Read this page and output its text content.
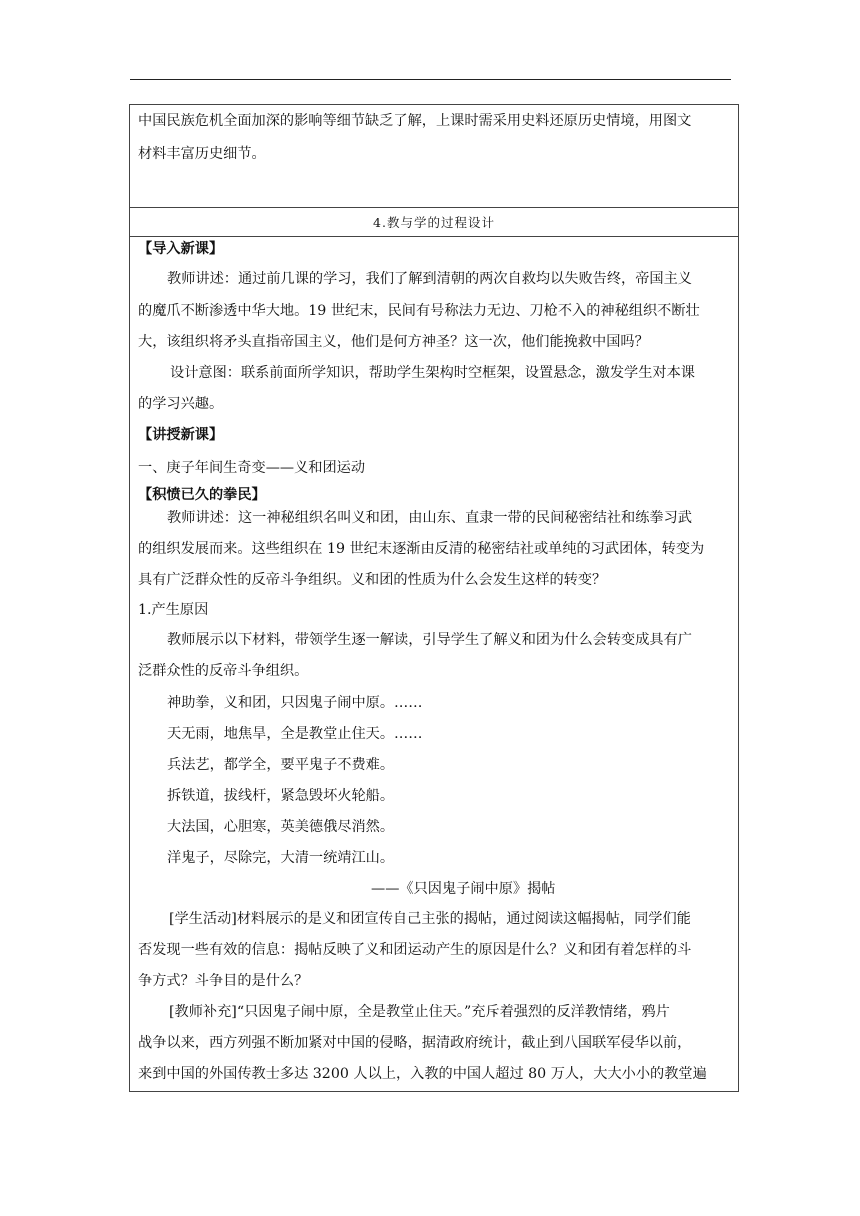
中国民族危机全面加深的影响等细节缺乏了解，上课时需采用史料还原历史情境，用图文
材料丰富历史细节。
4.教与学的过程设计
【导入新课】
教师讲述：通过前几课的学习，我们了解到清朝的两次自救均以失败告终，帝国主义
的魔爪不断渗透中华大地。19 世纪末，民间有号称法力无边、刀枪不入的神秘组织不断壮
大，该组织将矛头直指帝国主义，他们是何方神圣？这一次，他们能挽救中国吗？
设计意图：联系前面所学知识，帮助学生架构时空框架，设置悬念，激发学生对本课
的学习兴趣。
【讲授新课】
一、庚子年间生奇变——义和团运动
【积愤已久的拳民】
教师讲述：这一神秘组织名叫义和团，由山东、直隶一带的民间秘密结社和练拳习武
的组织发展而来。这些组织在 19 世纪末逐渐由反清的秘密结社或单纯的习武团体，转变为
具有广泛群众性的反帝斗争组织。义和团的性质为什么会发生这样的转变？
1.产生原因
教师展示以下材料，带领学生逐一解读，引导学生了解义和团为什么会转变成具有广
泛群众性的反帝斗争组织。
神助拳，义和团，只因鬼子闹中原。……
天无雨，地焦旱，全是教堂止住天。……
兵法艺，都学全，要平鬼子不费难。
拆铁道，拔线杆，紧急毁坏火轮船。
大法国，心胆寒，英美德俄尽消然。
洋鬼子，尽除完，大清一统靖江山。
——《只因鬼子闹中原》揭帖
[学生活动]材料展示的是义和团宣传自己主张的揭帖，通过阅读这幅揭帖，同学们能
否发现一些有效的信息：揭帖反映了义和团运动产生的原因是什么？义和团有着怎样的斗
争方式？斗争目的是什么？
[教师补充]“只因鬼子闹中原，全是教堂止住天。”充斥着强烈的反洋教情绪，鸦片
战争以来，西方列强不断加紧对中国的侵略，据清政府统计，截止到八国联军侵华以前，
来到中国的外国传教士多达 3200 人以上，入教的中国人超过 80 万人，大大小小的教堂遍
